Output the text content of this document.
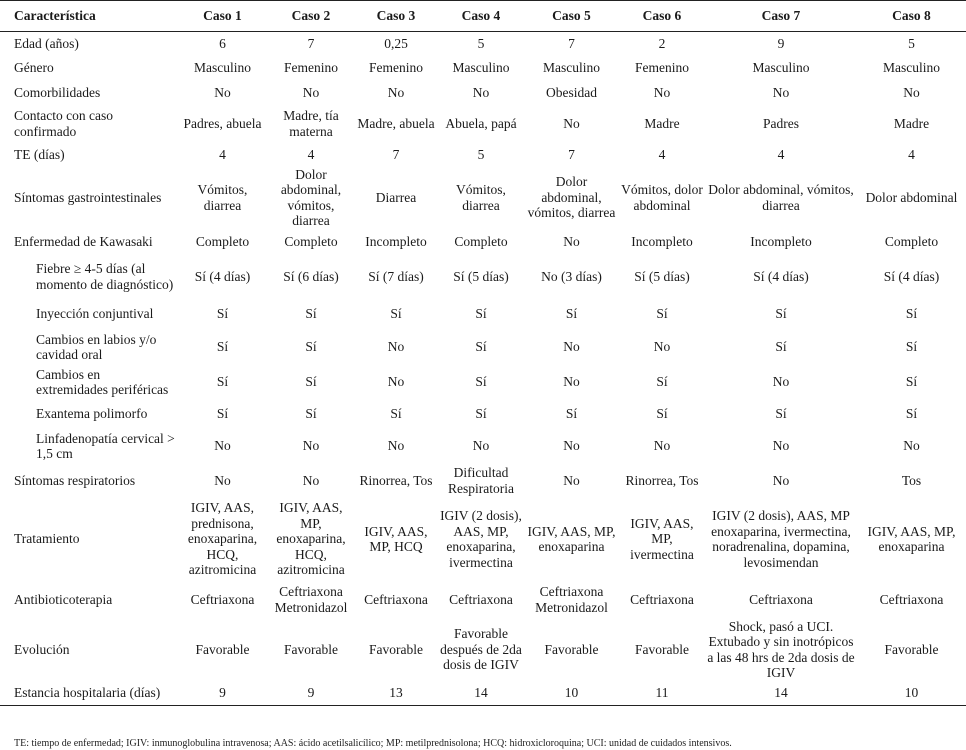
Característica	Caso 1	Caso 2	Caso 3	Caso 4	Caso 5	Caso 6	Caso 7	Caso 8
Edad (años)	6	7	0,25	5	7	2	9	5
Género	Masculino	Femenino	Femenino	Masculino	Masculino	Femenino	Masculino	Masculino
Comorbilidades	No	No	No	No	Obesidad	No	No	No
Contacto con caso confirmado	Padres, abuela	Madre, tía materna	Madre, abuela	Abuela, papá	No	Madre	Padres	Madre
TE (días)	4	4	7	5	7	4	4	4
Síntomas gastrointestinales	Vómitos, diarrea	Dolor abdominal, vómitos, diarrea	Diarrea	Vómitos, diarrea	Dolor abdominal, vómitos, diarrea	Vómitos, dolor abdominal	Dolor abdominal, vómitos, diarrea	Dolor abdominal
Enfermedad de Kawasaki	Completo	Completo	Incompleto	Completo	No	Incompleto	Incompleto	Completo
Fiebre ≥ 4-5 días (al momento de diagnóstico)	Sí (4 días)	Sí (6 días)	Sí (7 días)	Sí (5 días)	No (3 días)	Sí (5 días)	Sí (4 días)	Sí (4 días)
Inyección conjuntival	Sí	Sí	Sí	Sí	Sí	Sí	Sí	Sí
Cambios en labios y/o cavidad oral	Sí	Sí	No	Sí	No	No	Sí	Sí
Cambios en extremidades periféricas	Sí	Sí	No	Sí	No	Sí	No	Sí
Exantema polimorfo	Sí	Sí	Sí	Sí	Sí	Sí	Sí	Sí
Linfadenopatía cervical > 1,5 cm	No	No	No	No	No	No	No	No
Síntomas respiratorios	No	No	Rinorrea, Tos	Dificultad Respiratoria	No	Rinorrea, Tos	No	Tos
Tratamiento	IGIV, AAS, prednisona, enoxaparina, HCQ, azitromicina	IGIV, AAS, MP, enoxaparina, HCQ, azitromicina	IGIV, AAS, MP, HCQ	IGIV (2 dosis), AAS, MP, enoxaparina, ivermectina	IGIV, AAS, MP, enoxaparina	IGIV, AAS, MP, ivermectina	IGIV (2 dosis), AAS, MP enoxaparina, ivermectina, noradrenalina, dopamina, levosimendan	IGIV, AAS, MP, enoxaparina
Antibioticoterapia	Ceftriaxona	Ceftriaxona Metronidazol	Ceftriaxona	Ceftriaxona	Ceftriaxona Metronidazol	Ceftriaxona	Ceftriaxona	Ceftriaxona
Evolución	Favorable	Favorable	Favorable	Favorable después de 2da dosis de IGIV	Favorable	Favorable	Shock, pasó a UCI. Extubado y sin inotrópicos a las 48 hrs de 2da dosis de IGIV	Favorable
Estancia hospitalaria (días)	9	9	13	14	10	11	14	10
TE: tiempo de enfermedad; IGIV: inmunoglobulina intravenosa; AAS: ácido acetilsalicílico; MP: metilprednisolona; HCQ: hidroxicloroquina; UCI: unidad de cuidados intensivos.
